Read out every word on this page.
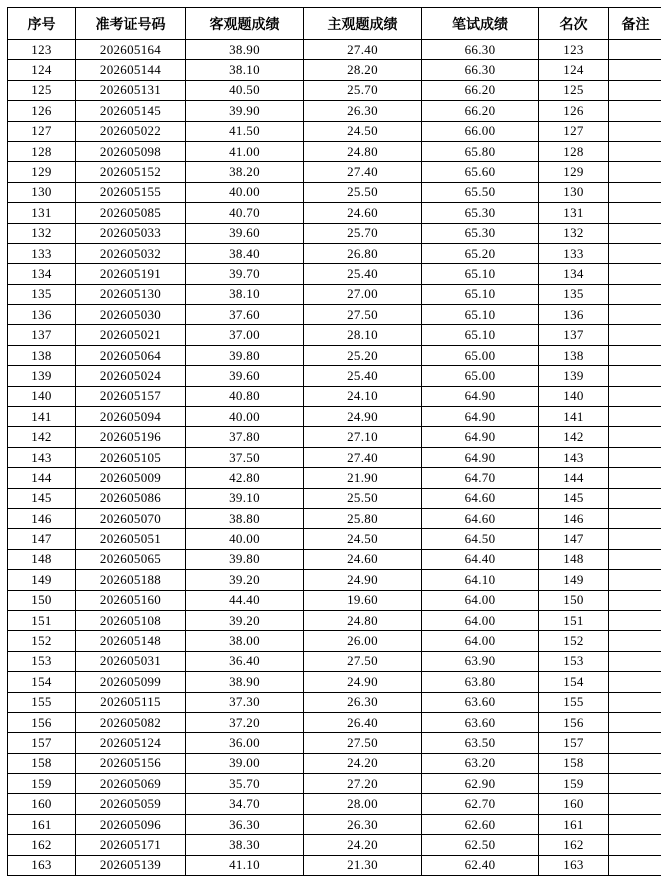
序号	准考证号码	客观题成绩	主观题成绩	笔试成绩	名次	备注
123	202605164	38.90	27.40	66.30	123	
124	202605144	38.10	28.20	66.30	124	
125	202605131	40.50	25.70	66.20	125	
126	202605145	39.90	26.30	66.20	126	
127	202605022	41.50	24.50	66.00	127	
128	202605098	41.00	24.80	65.80	128	
129	202605152	38.20	27.40	65.60	129	
130	202605155	40.00	25.50	65.50	130	
131	202605085	40.70	24.60	65.30	131	
132	202605033	39.60	25.70	65.30	132	
133	202605032	38.40	26.80	65.20	133	
134	202605191	39.70	25.40	65.10	134	
135	202605130	38.10	27.00	65.10	135	
136	202605030	37.60	27.50	65.10	136	
137	202605021	37.00	28.10	65.10	137	
138	202605064	39.80	25.20	65.00	138	
139	202605024	39.60	25.40	65.00	139	
140	202605157	40.80	24.10	64.90	140	
141	202605094	40.00	24.90	64.90	141	
142	202605196	37.80	27.10	64.90	142	
143	202605105	37.50	27.40	64.90	143	
144	202605009	42.80	21.90	64.70	144	
145	202605086	39.10	25.50	64.60	145	
146	202605070	38.80	25.80	64.60	146	
147	202605051	40.00	24.50	64.50	147	
148	202605065	39.80	24.60	64.40	148	
149	202605188	39.20	24.90	64.10	149	
150	202605160	44.40	19.60	64.00	150	
151	202605108	39.20	24.80	64.00	151	
152	202605148	38.00	26.00	64.00	152	
153	202605031	36.40	27.50	63.90	153	
154	202605099	38.90	24.90	63.80	154	
155	202605115	37.30	26.30	63.60	155	
156	202605082	37.20	26.40	63.60	156	
157	202605124	36.00	27.50	63.50	157	
158	202605156	39.00	24.20	63.20	158	
159	202605069	35.70	27.20	62.90	159	
160	202605059	34.70	28.00	62.70	160	
161	202605096	36.30	26.30	62.60	161	
162	202605171	38.30	24.20	62.50	162	
163	202605139	41.10	21.30	62.40	163	
